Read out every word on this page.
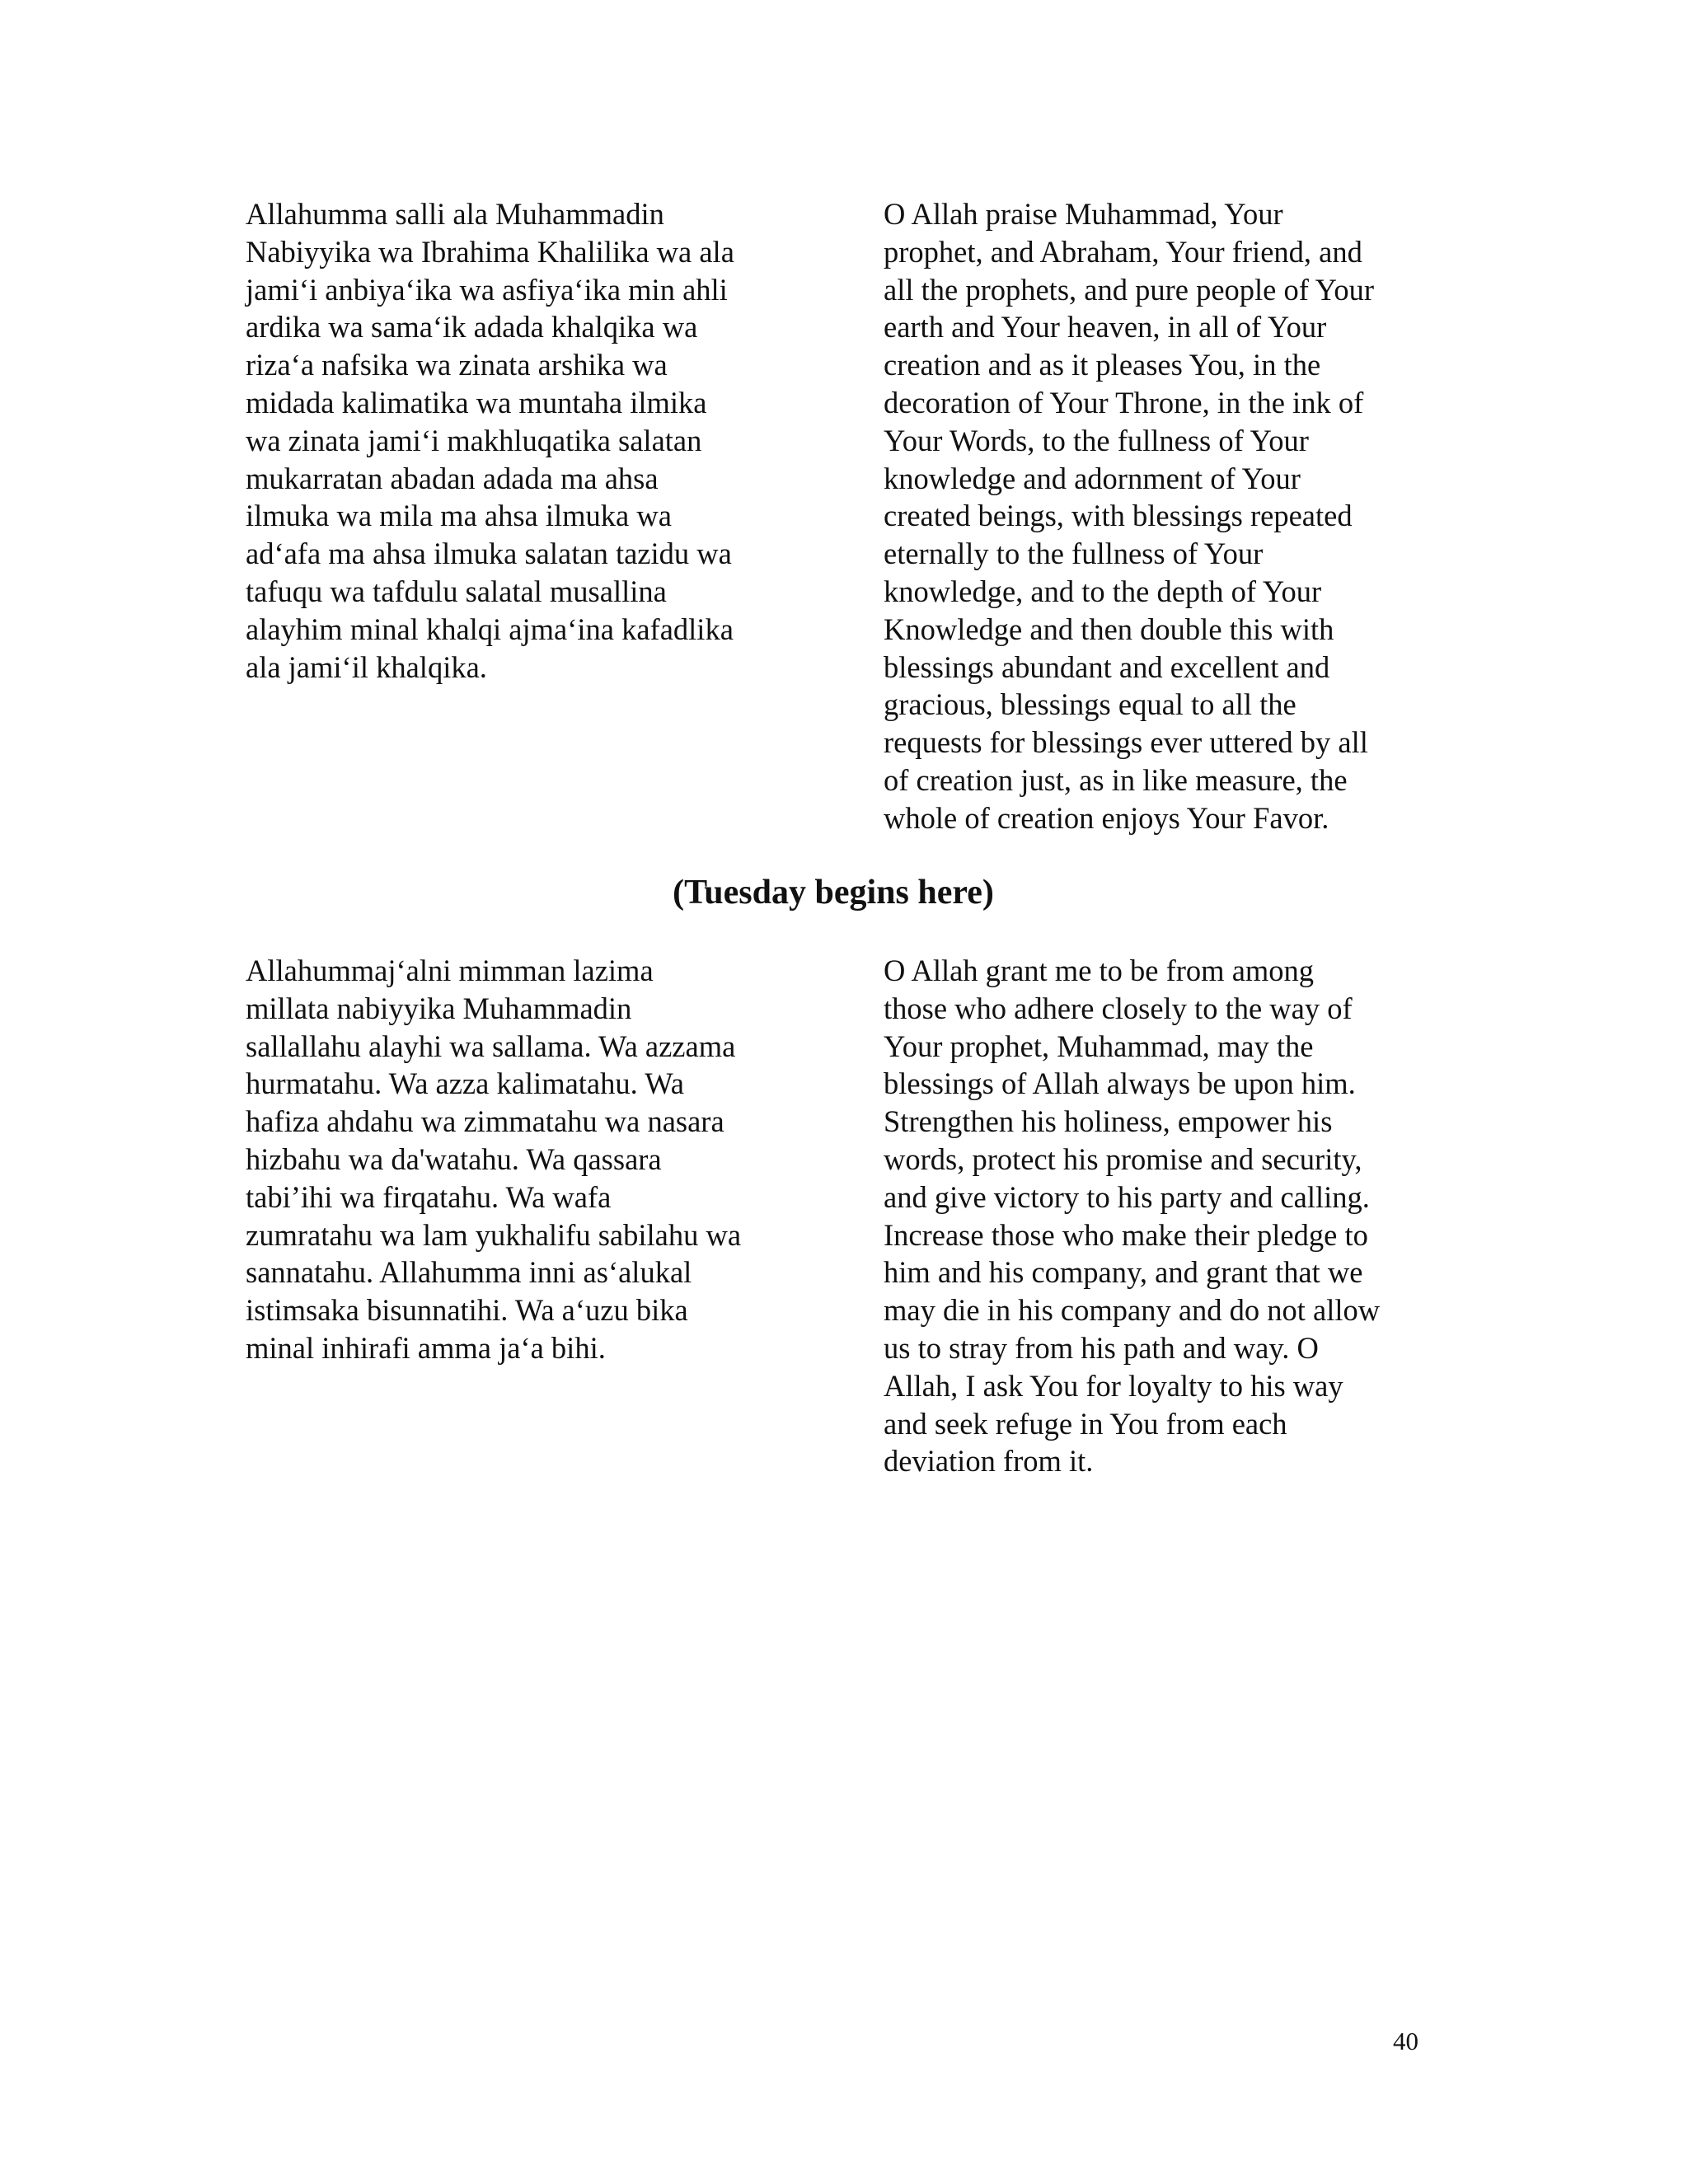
Allahumma salli ala Muhammadin
Nabiyyika wa Ibrahima Khalilika wa ala
jami‘i anbiya‘ika wa asfiya‘ika min ahli
ardika wa sama‘ik adada khalqika wa
riza‘a nafsika wa zinata arshika wa
midada kalimatika wa muntaha ilmika
wa zinata jami‘i makhluqatika salatan
mukarratan abadan adada ma ahsa
ilmuka wa mila ma ahsa ilmuka wa
ad‘afa ma ahsa ilmuka salatan tazidu wa
tafuqu wa tafdulu salatal musallina
alayhim minal khalqi ajma‘ina kafadlika
ala jami‘il khalqika.
O Allah praise Muhammad, Your
prophet, and Abraham, Your friend, and
all the prophets, and pure people of Your
earth and Your heaven, in all of Your
creation and as it pleases You, in the
decoration of Your Throne, in the ink of
Your Words, to the fullness of Your
knowledge and adornment of Your
created beings, with blessings repeated
eternally to the fullness of Your
knowledge, and to the depth of Your
Knowledge and then double this with
blessings abundant and excellent and
gracious, blessings equal to all the
requests for blessings ever uttered by all
of creation just, as in like measure, the
whole of creation enjoys Your Favor.
(Tuesday begins here)
Allahummaj‘alni mimman lazima
millata nabiyyika Muhammadin
sallallahu alayhi wa sallama. Wa azzama
hurmatahu. Wa azza kalimatahu. Wa
hafiza ahdahu wa zimmatahu wa nasara
hizbahu wa da'watahu. Wa qassara
tabi’ihi wa firqatahu. Wa wafa
zumratahu wa lam yukhalifu sabilahu wa
sannatahu. Allahumma inni as‘alukal
istimsaka bisunnatihi. Wa a‘uzu bika
minal inhirafi amma ja‘a bihi.
O Allah grant me to be from among
those who adhere closely to the way of
Your prophet, Muhammad, may the
blessings of Allah always be upon him.
Strengthen his holiness, empower his
words, protect his promise and security,
and give victory to his party and calling.
Increase those who make their pledge to
him and his company, and grant that we
may die in his company and do not allow
us to stray from his path and way. O
Allah, I ask You for loyalty to his way
and seek refuge in You from each
deviation from it.
40
